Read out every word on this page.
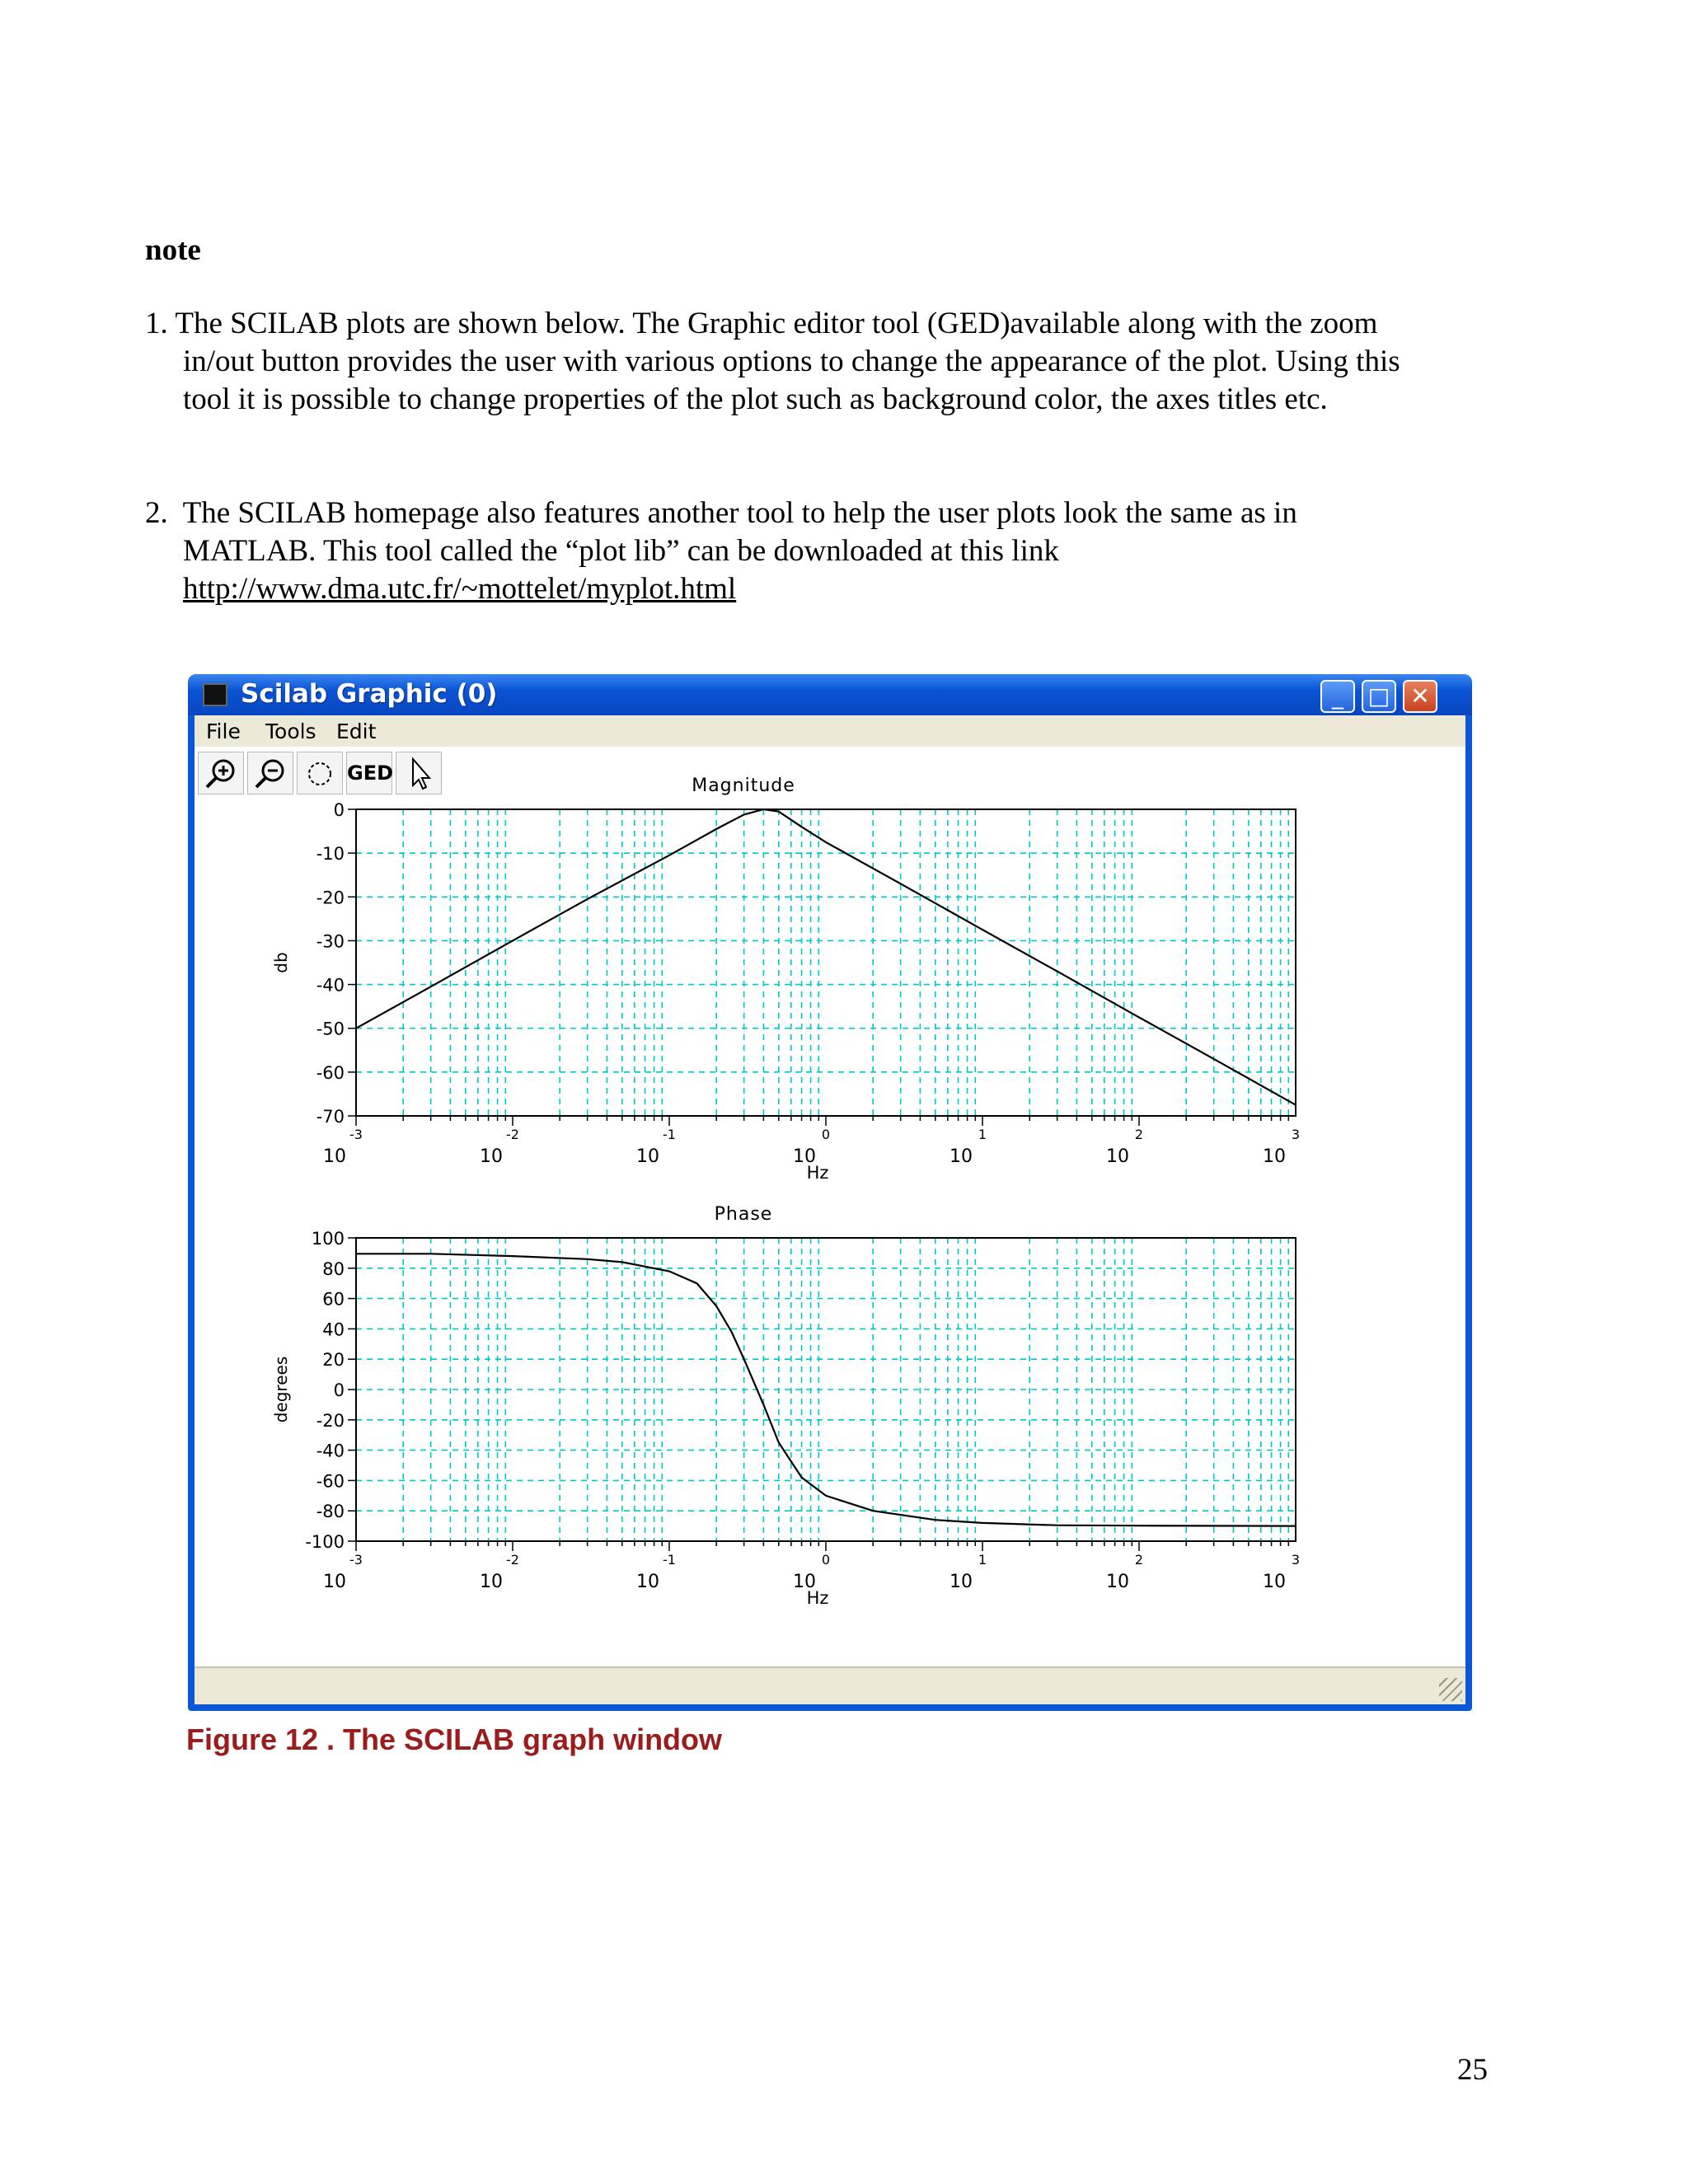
note
1. The SCILAB plots are shown below. The Graphic editor tool (GED)available along with the zoom
in/out button provides the user with various options to change the appearance of the plot. Using this
tool it is possible to change properties of the plot such as background color, the axes titles etc.
2. The SCILAB homepage also features another tool to help the user plots look the same as in
MATLAB. This tool called the “plot lib” can be downloaded at this link
http://www.dma.utc.fr/~mottelet/myplot.html
Scilab Graphic (0)	_	□ ✕
File Tools Edit
GED
Magnitude
0
-10
-20
-30
-40
-50
-60
-70
-3
10
-2
10
-1
10
0
10
1
10
2
10
3
10
Hz
db
Phase
100
80
60
40
20
0
-20
-40
-60
-80
-100
-3
10
-2
10
-1
10
0
10
1
10
2
10
3
10
Hz
degrees
Figure 12 . The SCILAB graph window
25
